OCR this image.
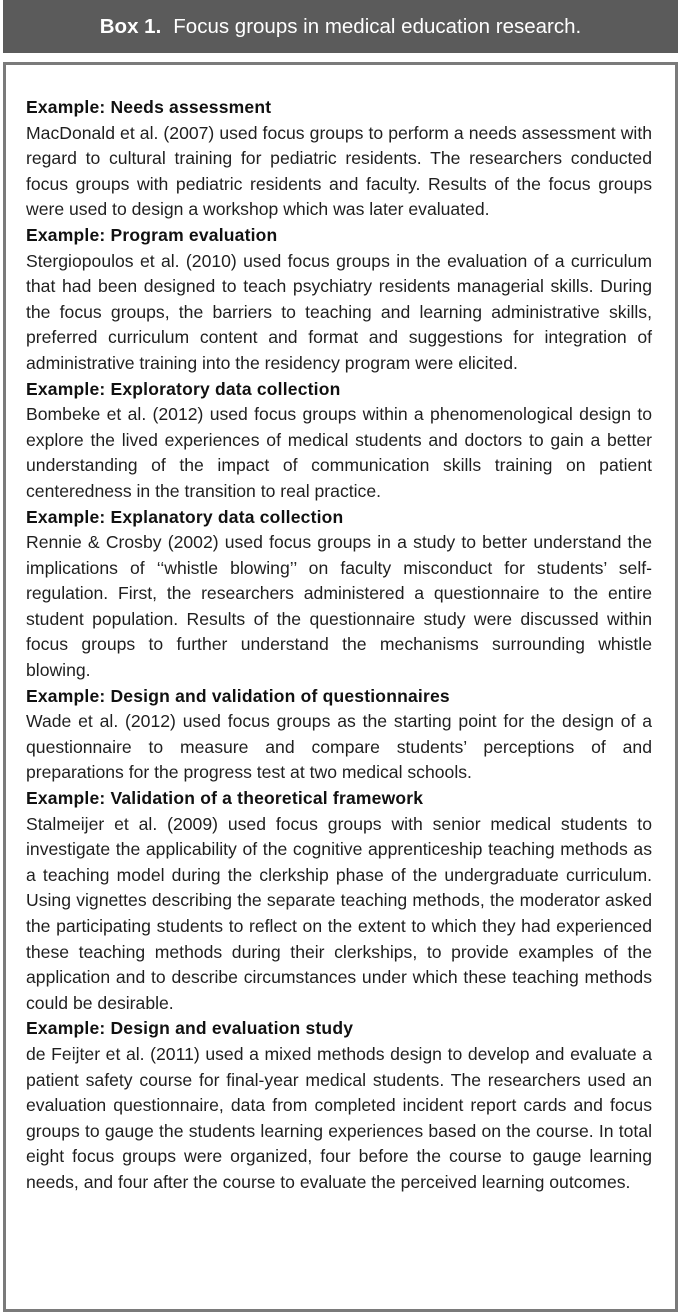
Box 1. Focus groups in medical education research.
Example: Needs assessment

MacDonald et al. (2007) used focus groups to perform a needs assessment with regard to cultural training for pediatric residents. The researchers conducted focus groups with pediatric residents and faculty. Results of the focus groups were used to design a workshop which was later evaluated.

Example: Program evaluation

Stergiopoulos et al. (2010) used focus groups in the evaluation of a curriculum that had been designed to teach psychiatry residents managerial skills. During the focus groups, the barriers to teaching and learning administrative skills, preferred curriculum content and format and suggestions for integration of administrative training into the residency program were elicited.

Example: Exploratory data collection

Bombeke et al. (2012) used focus groups within a phenomenological design to explore the lived experiences of medical students and doctors to gain a better understanding of the impact of communication skills training on patient centeredness in the transition to real practice.

Example: Explanatory data collection

Rennie & Crosby (2002) used focus groups in a study to better understand the implications of ‘‘whistle blowing’’ on faculty misconduct for students’ self-regulation. First, the researchers administered a questionnaire to the entire student population. Results of the questionnaire study were discussed within focus groups to further understand the mechanisms surrounding whistle blowing.

Example: Design and validation of questionnaires

Wade et al. (2012) used focus groups as the starting point for the design of a questionnaire to measure and compare students’ perceptions of and preparations for the progress test at two medical schools.

Example: Validation of a theoretical framework

Stalmeijer et al. (2009) used focus groups with senior medical students to investigate the applicability of the cognitive apprenticeship teaching methods as a teaching model during the clerkship phase of the undergraduate curriculum. Using vignettes describing the separate teaching methods, the moderator asked the participating students to reflect on the extent to which they had experienced these teaching methods during their clerkships, to provide examples of the application and to describe circumstances under which these teaching methods could be desirable.

Example: Design and evaluation study

de Feijter et al. (2011) used a mixed methods design to develop and evaluate a patient safety course for final-year medical students. The researchers used an evaluation questionnaire, data from completed incident report cards and focus groups to gauge the students learning experiences based on the course. In total eight focus groups were organized, four before the course to gauge learning needs, and four after the course to evaluate the perceived learning outcomes.
